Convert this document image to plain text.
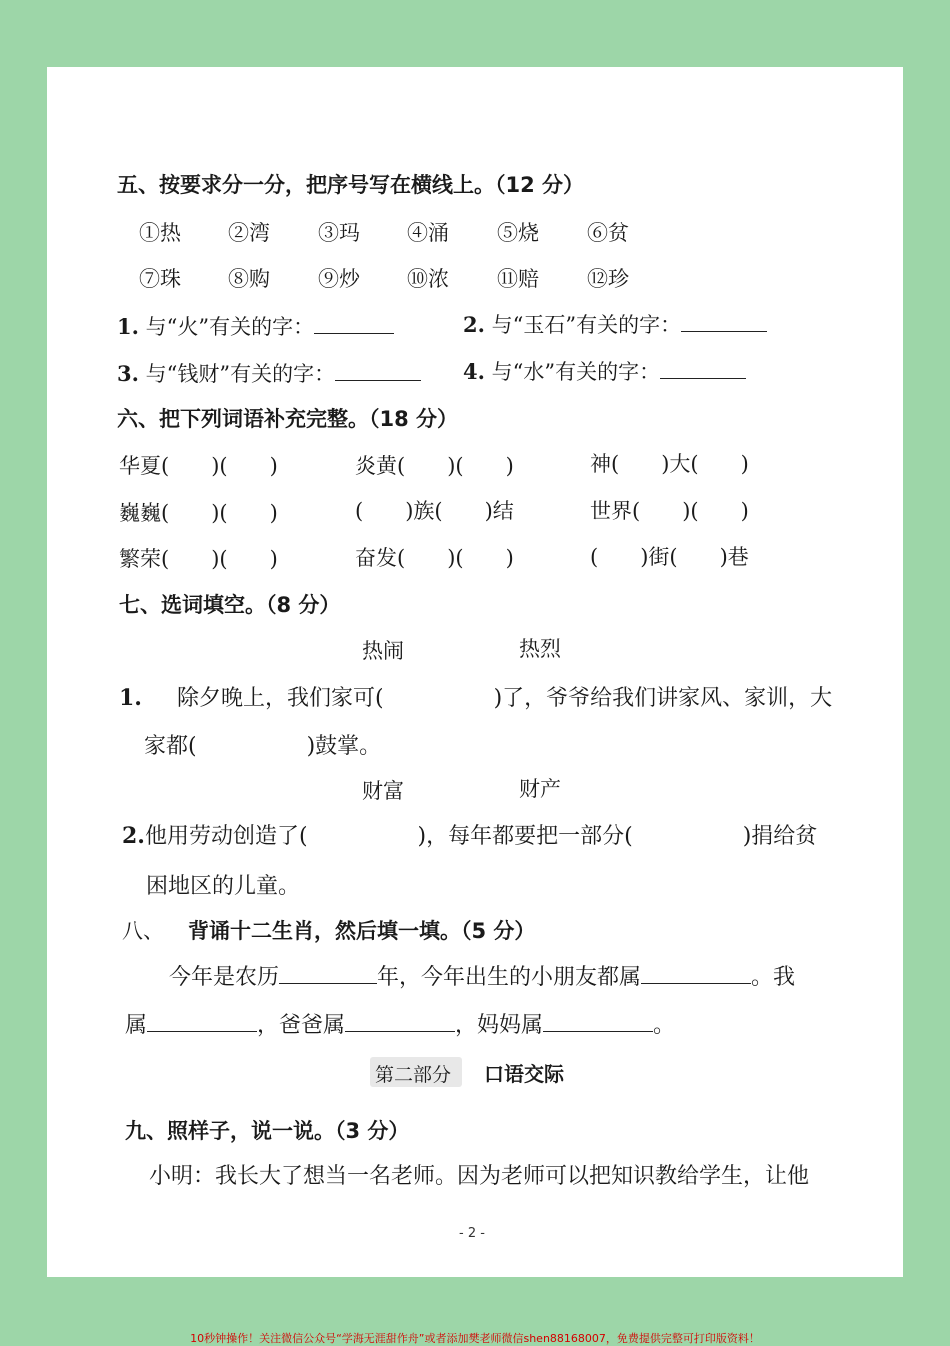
五、按要求分一分，把序号写在横线上。（12 分）
①热 ②湾 ③玛 ④涌 ⑤烧 ⑥贫
⑦珠 ⑧购 ⑨炒 ⑩浓 ⑪赔 ⑫珍
1. 与“火”有关的字：	2. 与“玉石”有关的字：
3. 与“钱财”有关的字：	4. 与“水”有关的字：
六、把下列词语补充完整。（18 分）
华夏(　　)(　　)	炎黄(　　)(　　)	神(　　)大(　　)
巍巍(　　)(　　)	(　　)族(　　)结	世界(　　)(　　)
繁荣(　　)(　　)	奋发(　　)(　　)	(　　)街(　　)巷
七、选词填空。（8 分）
热闹	热烈
1. 除夕晚上，我们家可(　　　　　)了，爷爷给我们讲家风、家训，大
家都(　　　　　)鼓掌。
财富	财产
2.他用劳动创造了(　　　　　)，每年都要把一部分(　　　　　)捐给贫
困地区的儿童。
八、 背诵十二生肖，然后填一填。（5 分）
今年是农历	年，今年出生的小朋友都属	。我
属	，爸爸属	，妈妈属	。
第二部分 口语交际
九、照样子，说一说。（3 分）
小明：我长大了想当一名老师。因为老师可以把知识教给学生，让他
- 2 -
10秒钟操作！关注微信公众号“学海无涯甜作舟”或者添加樊老师微信shen88168007，免费提供完整可打印版资料！
